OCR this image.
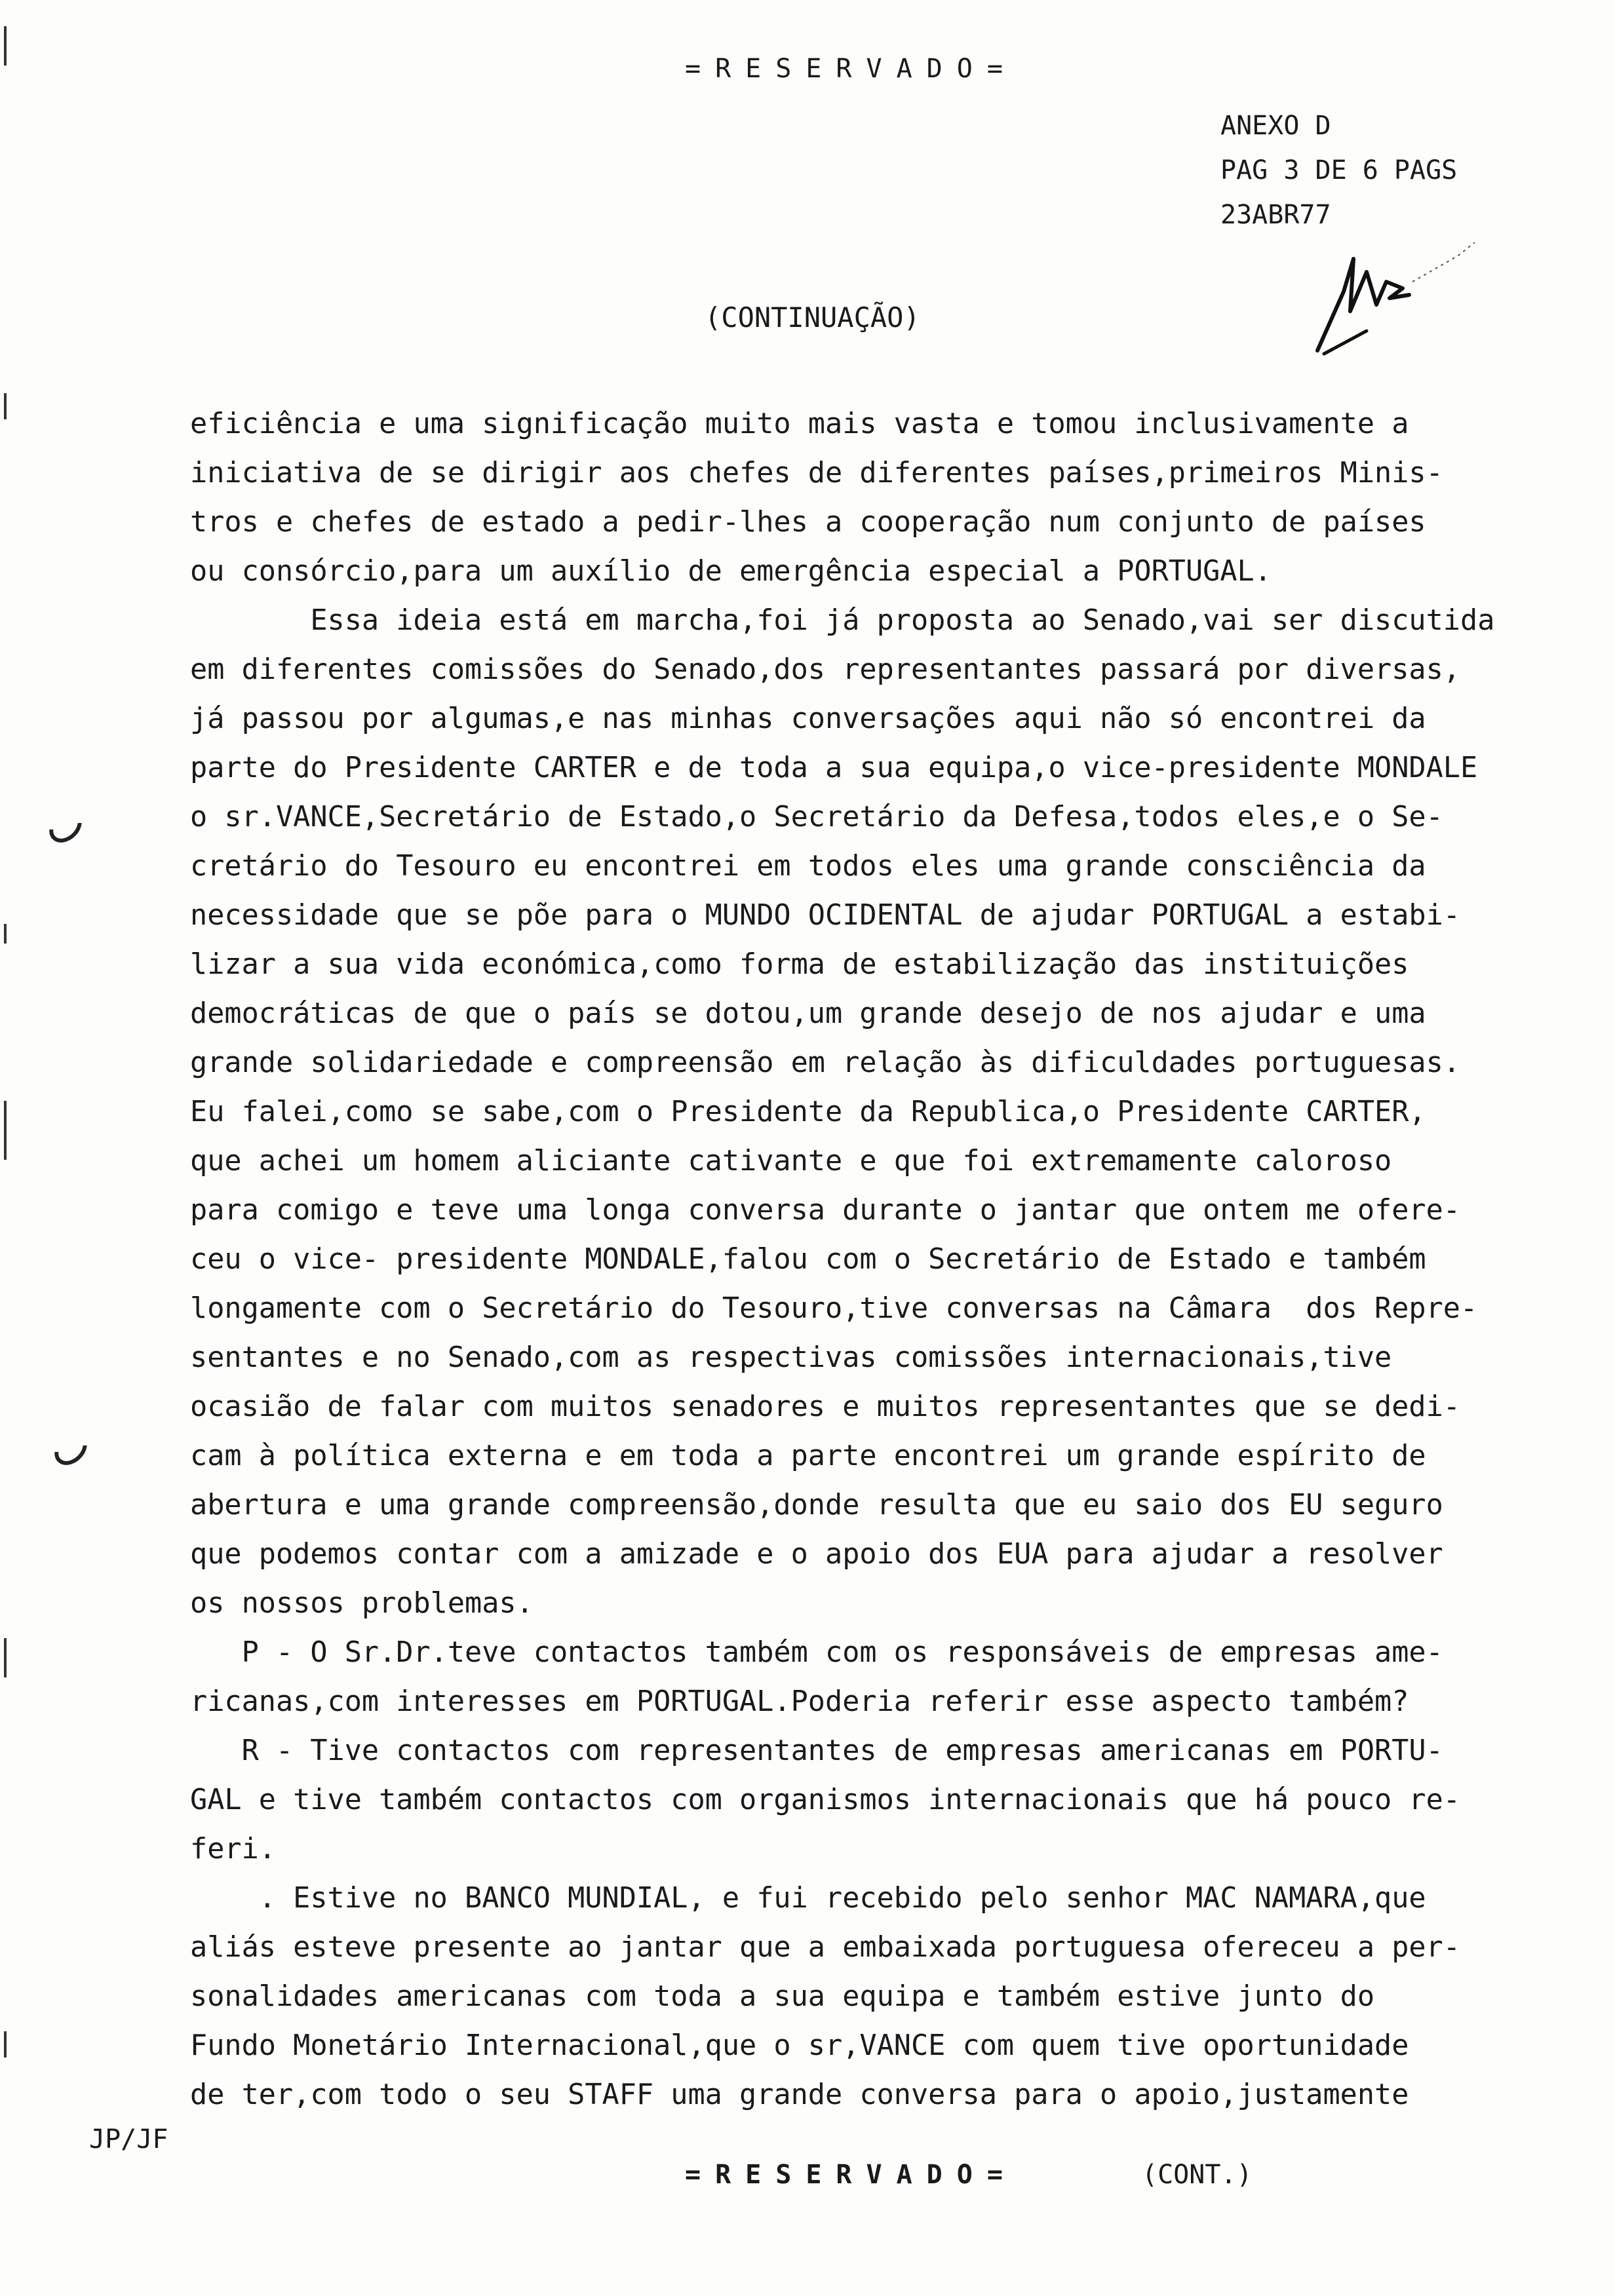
=RESERVADO=
ANEXO D
PAG 3 DE 6 PAGS
23ABR77
(CONTINUAÇÃO)
eficiência e uma significação muito mais vasta e tomou inclusivamente a
iniciativa de se dirigir aos chefes de diferentes países,primeiros Minis-
tros e chefes de estado a pedir-lhes a cooperação num conjunto de países
ou consórcio,para um auxílio de emergência especial a PORTUGAL.
Essa ideia está em marcha,foi já proposta ao Senado,vai ser discutida
em diferentes comissões do Senado,dos representantes passará por diversas,
já passou por algumas,e nas minhas conversações aqui não só encontrei da
parte do Presidente CARTER e de toda a sua equipa,o vice-presidente MONDALE
o sr.VANCE,Secretário de Estado,o Secretário da Defesa,todos eles,e o Se-
cretário do Tesouro eu encontrei em todos eles uma grande consciência da
necessidade que se põe para o MUNDO OCIDENTAL de ajudar PORTUGAL a estabi-
lizar a sua vida económica,como forma de estabilização das instituições
democráticas de que o país se dotou,um grande desejo de nos ajudar e uma
grande solidariedade e compreensão em relação às dificuldades portuguesas.
Eu falei,como se sabe,com o Presidente da Republica,o Presidente CARTER,
que achei um homem aliciante cativante e que foi extremamente caloroso
para comigo e teve uma longa conversa durante o jantar que ontem me ofere-
ceu o vice- presidente MONDALE,falou com o Secretário de Estado e também
longamente com o Secretário do Tesouro,tive conversas na Câmara  dos Repre-
sentantes e no Senado,com as respectivas comissões internacionais,tive
ocasião de falar com muitos senadores e muitos representantes que se dedi-
cam à política externa e em toda a parte encontrei um grande espírito de
abertura e uma grande compreensão,donde resulta que eu saio dos EU seguro
que podemos contar com a amizade e o apoio dos EUA para ajudar a resolver
os nossos problemas.
P - O Sr.Dr.teve contactos também com os responsáveis de empresas ame-
ricanas,com interesses em PORTUGAL.Poderia referir esse aspecto também?
R - Tive contactos com representantes de empresas americanas em PORTU-
GAL e tive também contactos com organismos internacionais que há pouco re-
feri.
. Estive no BANCO MUNDIAL, e fui recebido pelo senhor MAC NAMARA,que
aliás esteve presente ao jantar que a embaixada portuguesa ofereceu a per-
sonalidades americanas com toda a sua equipa e também estive junto do
Fundo Monetário Internacional,que o sr,VANCE com quem tive oportunidade
de ter,com todo o seu STAFF uma grande conversa para o apoio,justamente
JP/JF
=RESERVADO=	(CONT.)
